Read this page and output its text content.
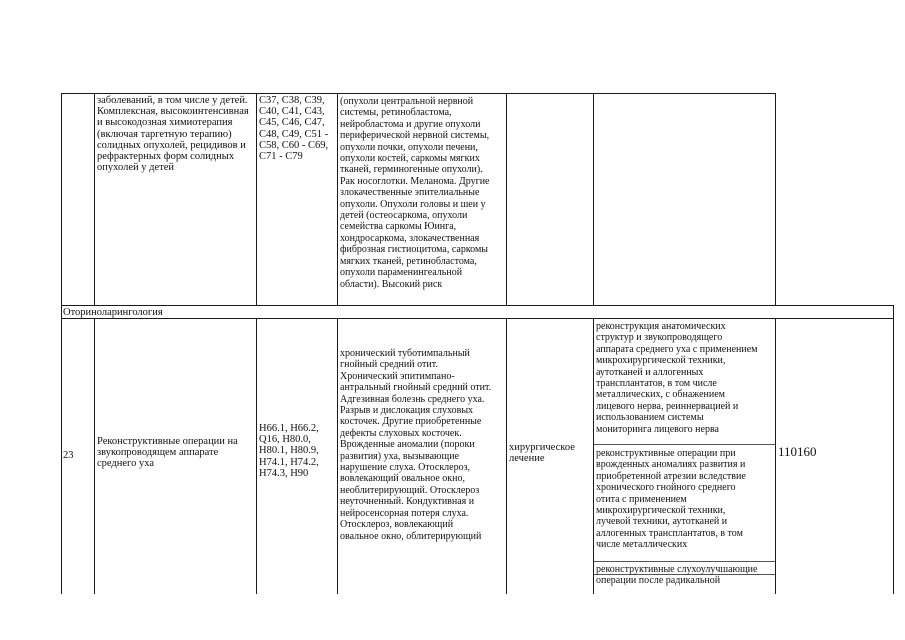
заболеваний, в том числе у детей.
Комплексная, высокоинтенсивная
и высокодозная химиотерапия
(включая таргетную терапию)
солидных опухолей, рецидивов и
рефрактерных форм солидных
опухолей у детей

C37, C38, C39,
C40, C41, C43,
C45, C46, C47,
C48, C49, C51 -
C58, C60 - C69,
C71 - C79

(опухоли центральной нервной
системы, ретинобластома,
нейробластома и другие опухоли
периферической нервной системы,
опухоли почки, опухоли печени,
опухоли костей, саркомы мягких
тканей, герминогенные опухоли).
Рак носоглотки. Меланома. Другие
злокачественные эпителиальные
опухоли. Опухоли головы и шеи у
детей (остеосаркома, опухоли
семейства саркомы Юинга,
хондросаркома, злокачественная
фиброзная гистиоцитома, саркомы
мягких тканей, ретинобластома,
опухоли параменингеальной
области). Высокий риск

Оториноларингология

23

Реконструктивные операции на
звукопроводящем аппарате
среднего уха

H66.1, H66.2,
Q16, H80.0,
H80.1, H80.9,
H74.1, H74.2,
H74.3, H90

хронический туботимпальный
гнойный средний отит.
Хронический эпитимпано-
антральный гнойный средний отит.
Адгезивная болезнь среднего уха.
Разрыв и дислокация слуховых
косточек. Другие приобретенные
дефекты слуховых косточек.
Врожденные аномалии (пороки
развития) уха, вызывающие
нарушение слуха. Отосклероз,
вовлекающий овальное окно,
необлитерирующий. Отосклероз
неуточненный. Кондуктивная и
нейросенсорная потеря слуха.
Отосклероз, вовлекающий
овальное окно, облитерирующий

хирургическое
лечение

реконструкция анатомических
структур и звукопроводящего
аппарата среднего уха с применением
микрохирургической техники,
аутотканей и аллогенных
трансплантатов, в том числе
металлических, с обнажением
лицевого нерва, реиннервацией и
использованием системы
мониторинга лицевого нерва

реконструктивные операции при
врожденных аномалиях развития и
приобретенной атрезии вследствие
хронического гнойного среднего
отита с применением
микрохирургической техники,
лучевой техники, аутотканей и
аллогенных трансплантатов, в том
числе металлических

реконструктивные слухоулучшающие
операции после радикальной

110160
